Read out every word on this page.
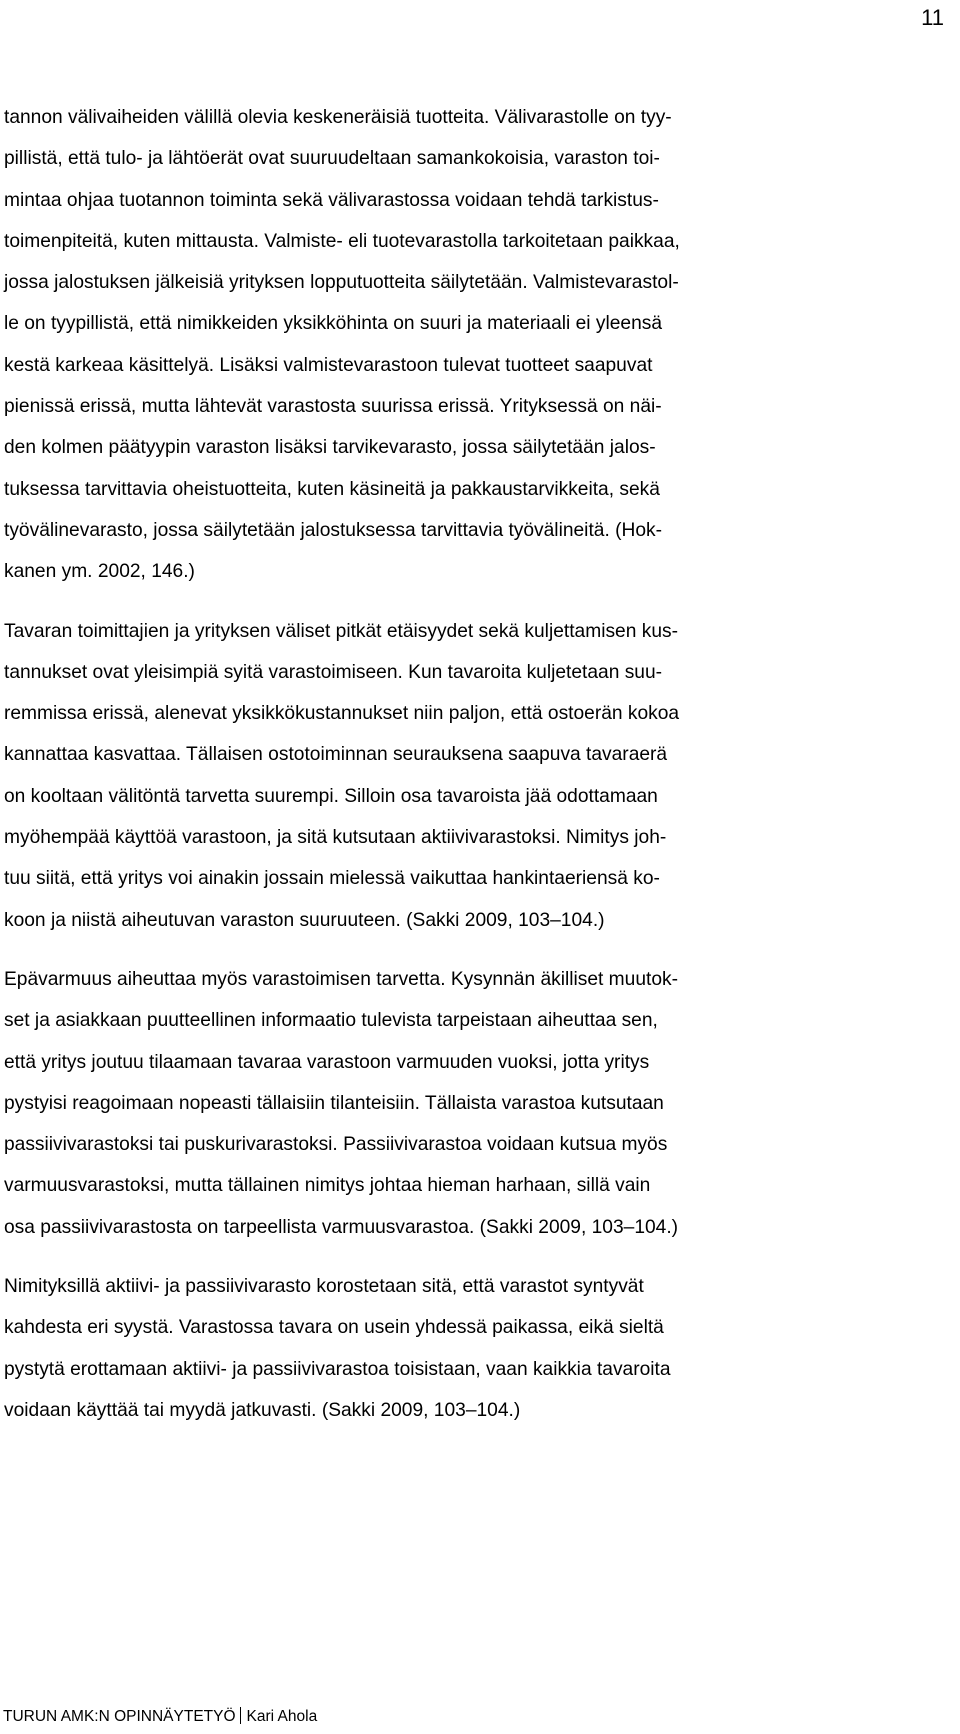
11

tannon välivaiheiden välillä olevia keskeneräisiä tuotteita. Välivarastolle on tyy-
pillistä, että tulo- ja lähtöerät ovat suuruudeltaan samankokoisia, varaston toi-
mintaa ohjaa tuotannon toiminta sekä välivarastossa voidaan tehdä tarkistus-
toimenpiteitä, kuten mittausta. Valmiste- eli tuotevarastolla tarkoitetaan paikkaa,
jossa jalostuksen jälkeisiä yrityksen lopputuotteita säilytetään. Valmistevarastol-
le on tyypillistä, että nimikkeiden yksikköhinta on suuri ja materiaali ei yleensä
kestä karkeaa käsittelyä. Lisäksi valmistevarastoon tulevat tuotteet saapuvat
pienissä erissä, mutta lähtevät varastosta suurissa erissä. Yrityksessä on näi-
den kolmen päätyypin varaston lisäksi tarvikevarasto, jossa säilytetään jalos-
tuksessa tarvittavia oheistuotteita, kuten käsineitä ja pakkaustarvikkeita, sekä
työvälinevarasto, jossa säilytetään jalostuksessa tarvittavia työvälineitä. (Hok-
kanen ym. 2002, 146.)

Tavaran toimittajien ja yrityksen väliset pitkät etäisyydet sekä kuljettamisen kus-
tannukset ovat yleisimpiä syitä varastoimiseen. Kun tavaroita kuljetetaan suu-
remmissa erissä, alenevat yksikkökustannukset niin paljon, että ostoerän kokoa
kannattaa kasvattaa. Tällaisen ostotoiminnan seurauksena saapuva tavaraerä
on kooltaan välitöntä tarvetta suurempi. Silloin osa tavaroista jää odottamaan
myöhempää käyttöä varastoon, ja sitä kutsutaan aktiivivarastoksi. Nimitys joh-
tuu siitä, että yritys voi ainakin jossain mielessä vaikuttaa hankintaeriensä ko-
koon ja niistä aiheutuvan varaston suuruuteen. (Sakki 2009, 103–104.)

Epävarmuus aiheuttaa myös varastoimisen tarvetta. Kysynnän äkilliset muutok-
set ja asiakkaan puutteellinen informaatio tulevista tarpeistaan aiheuttaa sen,
että yritys joutuu tilaamaan tavaraa varastoon varmuuden vuoksi, jotta yritys
pystyisi reagoimaan nopeasti tällaisiin tilanteisiin. Tällaista varastoa kutsutaan
passiivivarastoksi tai puskurivarastoksi. Passiivivarastoa voidaan kutsua myös
varmuusvarastoksi, mutta tällainen nimitys johtaa hieman harhaan, sillä vain
osa passiivivarastosta on tarpeellista varmuusvarastoa. (Sakki 2009, 103–104.)

Nimityksillä aktiivi- ja passiivivarasto korostetaan sitä, että varastot syntyvät
kahdesta eri syystä. Varastossa tavara on usein yhdessä paikassa, eikä sieltä
pystytä erottamaan aktiivi- ja passiivivarastoa toisistaan, vaan kaikkia tavaroita
voidaan käyttää tai myydä jatkuvasti. (Sakki 2009, 103–104.)

TURUN AMK:N OPINNÄYTETYÖ Kari Ahola
